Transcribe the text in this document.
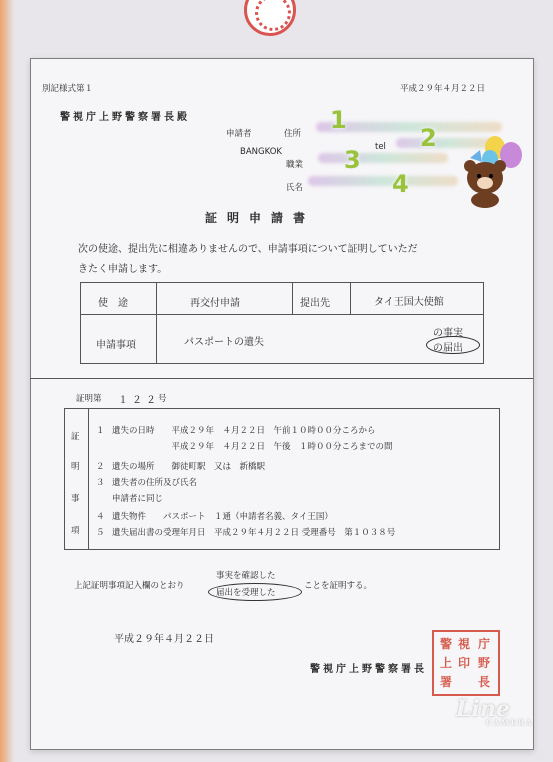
別記様式第１	平成２９年４月２２日
警視庁上野警察署長殿
申請者	住所
BANGKOK	tel
職業
氏名
1
2
3
4
証明申請書
次の使途、提出先に相違ありませんので、申請事項について証明していただ
きたく申請します。
使　途	再交付申請	提出先	タイ王国大使館
申請事項	パスポートの遺失
の事実
の届出
証明第 １２２
号
証
明
事
項
１ 遺失の日時　　平成２９年　４月２２日　午前１０時００分ころから
　　　　　　　平成２９年　４月２２日　午後　１時００分ころまでの間
２ 遺失の場所　　御徒町駅　又は　新橋駅
３ 遺失者の住所及び氏名
申請者に同じ
４ 遺失物件　　パスポート　１通（申請者名義、タイ王国）
５ 遺失届出書の受理年月日　平成２９年４月２２日 受理番号　第１０３８号
上記証明事項記入欄のとおり
事実を確認した
届出を受理した
ことを証明する。
平成２９年４月２２日
警視庁上野警察署長
警 視 庁
上 印 野
署 長
Line
CAMERA
